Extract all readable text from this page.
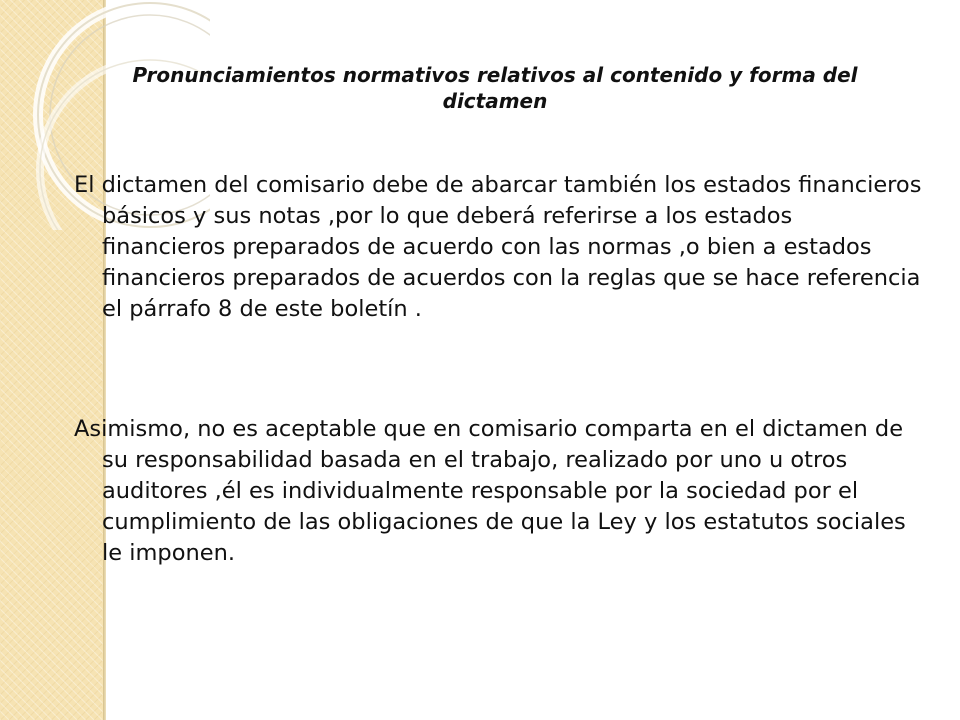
Pronunciamientos normativos relativos al contenido y forma del dictamen

El dictamen del comisario debe de abarcar también los estados financieros básicos y sus notas ,por lo que deberá referirse a los estados financieros preparados de acuerdo con las normas ,o bien a estados financieros preparados de acuerdos con la reglas que se hace referencia el párrafo 8 de este boletín .

Asimismo, no es aceptable que en comisario comparta en el dictamen de su responsabilidad basada en el trabajo, realizado por uno u otros auditores ,él es individualmente responsable por la sociedad por el cumplimiento de las obligaciones de que la Ley y los estatutos sociales le imponen.
